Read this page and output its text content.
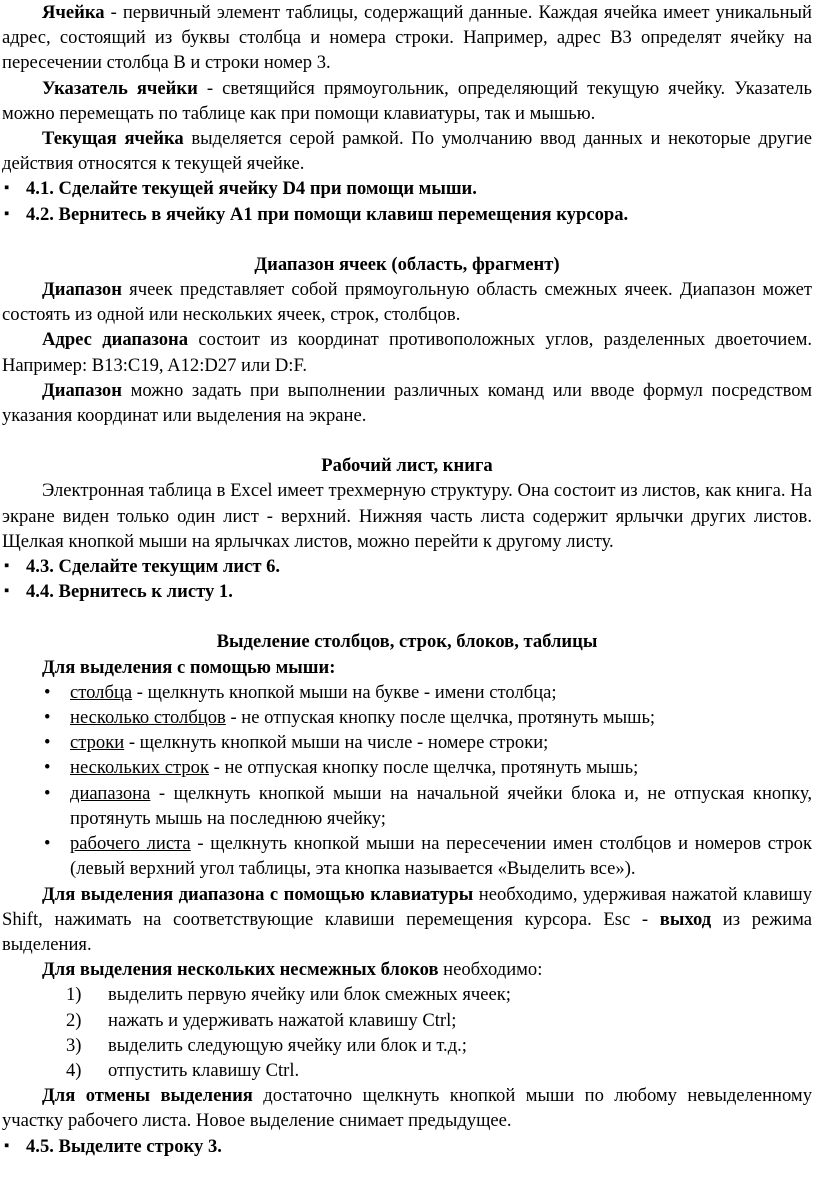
Ячейка - первичный элемент таблицы, содержащий данные. Каждая ячейка имеет уникальный адрес, состоящий из буквы столбца и номера строки. Например, адрес B3 определят ячейку на пересечении столбца B и строки номер 3.

Указатель ячейки - светящийся прямоугольник, определяющий текущую ячейку. Указатель можно перемещать по таблице как при помощи клавиатуры, так и мышью.

Текущая ячейка выделяется серой рамкой. По умолчанию ввод данных и некоторые другие действия относятся к текущей ячейке.

▪ 4.1. Сделайте текущей ячейку D4 при помощи мыши.

▪ 4.2. Вернитесь в ячейку А1 при помощи клавиш перемещения курсора.

Диапазон ячеек (область, фрагмент)

Диапазон ячеек представляет собой прямоугольную область смежных ячеек. Диапазон может состоять из одной или нескольких ячеек, строк, столбцов.

Адрес диапазона состоит из координат противоположных углов, разделенных двоеточием. Например: B13:C19, A12:D27 или D:F.

Диапазон можно задать при выполнении различных команд или вводе формул посредством указания координат или выделения на экране.

Рабочий лист, книга

Электронная таблица в Excel имеет трехмерную структуру. Она состоит из листов, как книга. На экране виден только один лист - верхний. Нижняя часть листа содержит ярлычки других листов. Щелкая кнопкой мыши на ярлычках листов, можно перейти к другому листу.

▪ 4.3. Сделайте текущим лист 6.

▪ 4.4. Вернитесь к листу 1.

Выделение столбцов, строк, блоков, таблицы

Для выделения с помощью мыши:

• столбца - щелкнуть кнопкой мыши на букве - имени столбца;

• несколько столбцов - не отпуская кнопку после щелчка, протянуть мышь;

• строки - щелкнуть кнопкой мыши на числе - номере строки;

• нескольких строк - не отпуская кнопку после щелчка, протянуть мышь;

• диапазона - щелкнуть кнопкой мыши на начальной ячейки блока и, не отпуская кнопку, протянуть мышь на последнюю ячейку;

• рабочего листа - щелкнуть кнопкой мыши на пересечении имен столбцов и номеров строк (левый верхний угол таблицы, эта кнопка называется «Выделить все»).

Для выделения диапазона с помощью клавиатуры необходимо, удерживая нажатой клавишу Shift, нажимать на соответствующие клавиши перемещения курсора. Esc - выход из режима выделения.

Для выделения нескольких несмежных блоков необходимо:

1) выделить первую ячейку или блок смежных ячеек;

2) нажать и удерживать нажатой клавишу Ctrl;

3) выделить следующую ячейку или блок и т.д.;

4) отпустить клавишу Ctrl.

Для отмены выделения достаточно щелкнуть кнопкой мыши по любому невыделенному участку рабочего листа. Новое выделение снимает предыдущее.

▪ 4.5. Выделите строку 3.
